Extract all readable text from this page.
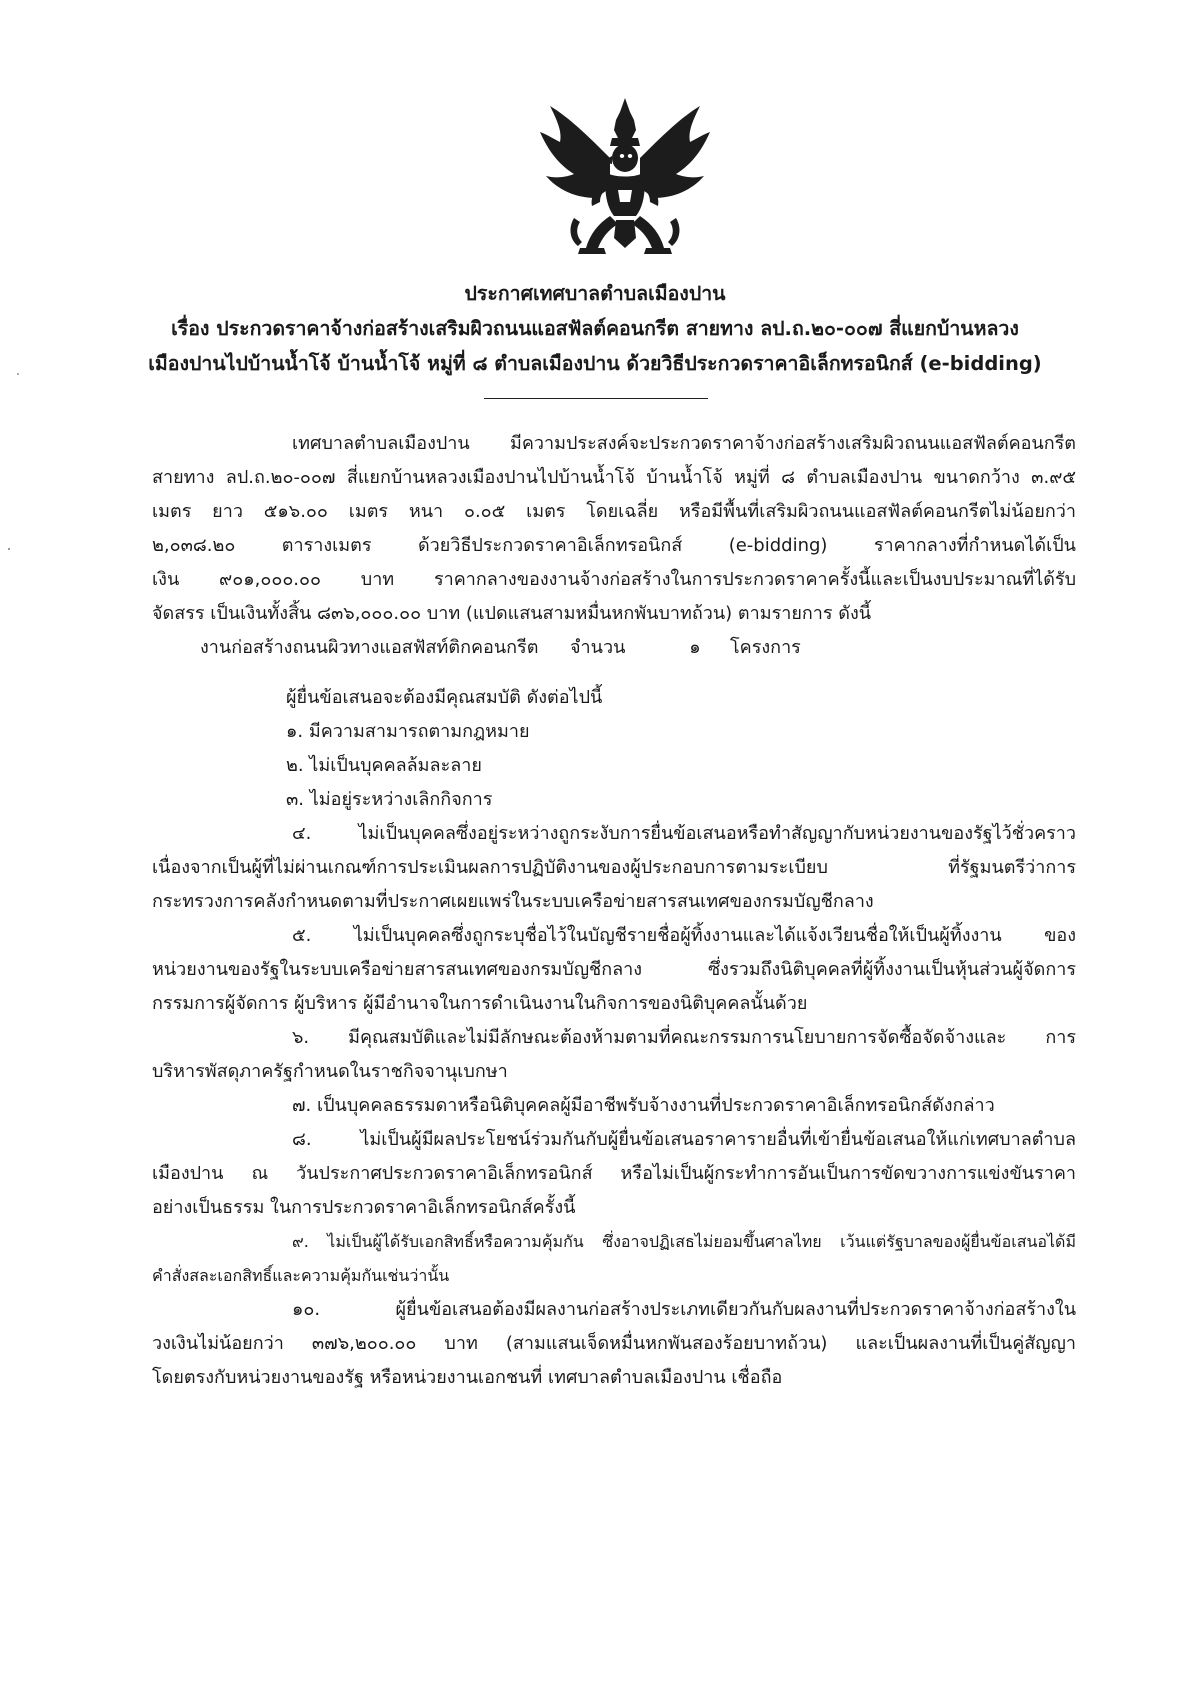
ประกาศเทศบาลตำบลเมืองปาน
เรื่อง ประกวดราคาจ้างก่อสร้างเสริมผิวถนนแอสฟัลต์คอนกรีต สายทาง ลป.ถ.๒๐-๐๐๗ สี่แยกบ้านหลวง
เมืองปานไปบ้านน้ำโจ้ บ้านน้ำโจ้ หมู่ที่ ๘ ตำบลเมืองปาน ด้วยวิธีประกวดราคาอิเล็กทรอนิกส์ (e-bidding)
เทศบาลตำบลเมืองปาน มีความประสงค์จะประกวดราคาจ้างก่อสร้างเสริมผิวถนนแอสฟัลต์คอนกรีต
สายทาง ลป.ถ.๒๐-๐๐๗ สี่แยกบ้านหลวงเมืองปานไปบ้านน้ำโจ้ บ้านน้ำโจ้ หมู่ที่ ๘ ตำบลเมืองปาน ขนาดกว้าง ๓.๙๕
เมตร ยาว ๕๑๖.๐๐ เมตร หนา ๐.๐๕ เมตร โดยเฉลี่ย หรือมีพื้นที่เสริมผิวถนนแอสฟัลต์คอนกรีตไม่น้อยกว่า
๒,๐๓๘.๒๐ ตารางเมตร ด้วยวิธีประกวดราคาอิเล็กทรอนิกส์ (e-bidding) ราคากลางที่กำหนดได้เป็น
เงิน ๙๐๑,๐๐๐.๐๐ บาท ราคากลางของงานจ้างก่อสร้างในการประกวดราคาครั้งนี้และเป็นงบประมาณที่ได้รับ
จัดสรร เป็นเงินทั้งสิ้น ๘๓๖,๐๐๐.๐๐ บาท (แปดแสนสามหมื่นหกพันบาทถ้วน) ตามรายการ ดังนี้
งานก่อสร้างถนนผิวทางแอสฟัสท์ติกคอนกรีต	จำนวน	๑	โครงการ
ผู้ยื่นข้อเสนอจะต้องมีคุณสมบัติ ดังต่อไปนี้
๑. มีความสามารถตามกฎหมาย
๒. ไม่เป็นบุคคลล้มละลาย
๓. ไม่อยู่ระหว่างเลิกกิจการ
๔. ไม่เป็นบุคคลซึ่งอยู่ระหว่างถูกระงับการยื่นข้อเสนอหรือทำสัญญากับหน่วยงานของรัฐไว้ชั่วคราว
เนื่องจากเป็นผู้ที่ไม่ผ่านเกณฑ์การประเมินผลการปฏิบัติงานของผู้ประกอบการตามระเบียบ ที่รัฐมนตรีว่าการ
กระทรวงการคลังกำหนดตามที่ประกาศเผยแพร่ในระบบเครือข่ายสารสนเทศของกรมบัญชีกลาง
๕. ไม่เป็นบุคคลซึ่งถูกระบุชื่อไว้ในบัญชีรายชื่อผู้ทิ้งงานและได้แจ้งเวียนชื่อให้เป็นผู้ทิ้งงาน ของ
หน่วยงานของรัฐในระบบเครือข่ายสารสนเทศของกรมบัญชีกลาง ซึ่งรวมถึงนิติบุคคลที่ผู้ทิ้งงานเป็นหุ้นส่วนผู้จัดการ
กรรมการผู้จัดการ ผู้บริหาร ผู้มีอำนาจในการดำเนินงานในกิจการของนิติบุคคลนั้นด้วย
๖. มีคุณสมบัติและไม่มีลักษณะต้องห้ามตามที่คณะกรรมการนโยบายการจัดซื้อจัดจ้างและ การ
บริหารพัสดุภาครัฐกำหนดในราชกิจจานุเบกษา
๗. เป็นบุคคลธรรมดาหรือนิติบุคคลผู้มีอาชีพรับจ้างงานที่ประกวดราคาอิเล็กทรอนิกส์ดังกล่าว
๘. ไม่เป็นผู้มีผลประโยชน์ร่วมกันกับผู้ยื่นข้อเสนอราคารายอื่นที่เข้ายื่นข้อเสนอให้แก่เทศบาลตำบล
เมืองปาน ณ วันประกาศประกวดราคาอิเล็กทรอนิกส์ หรือไม่เป็นผู้กระทำการอันเป็นการขัดขวางการแข่งขันราคา
อย่างเป็นธรรม ในการประกวดราคาอิเล็กทรอนิกส์ครั้งนี้
๙. ไม่เป็นผู้ได้รับเอกสิทธิ์หรือความคุ้มกัน ซึ่งอาจปฏิเสธไม่ยอมขึ้นศาลไทย เว้นแต่รัฐบาลของผู้ยื่นข้อเสนอได้มี
คำสั่งสละเอกสิทธิ์และความคุ้มกันเช่นว่านั้น
๑๐. ผู้ยื่นข้อเสนอต้องมีผลงานก่อสร้างประเภทเดียวกันกับผลงานที่ประกวดราคาจ้างก่อสร้างใน
วงเงินไม่น้อยกว่า ๓๗๖,๒๐๐.๐๐ บาท (สามแสนเจ็ดหมื่นหกพันสองร้อยบาทถ้วน) และเป็นผลงานที่เป็นคู่สัญญา
โดยตรงกับหน่วยงานของรัฐ หรือหน่วยงานเอกชนที่ เทศบาลตำบลเมืองปาน เชื่อถือ
